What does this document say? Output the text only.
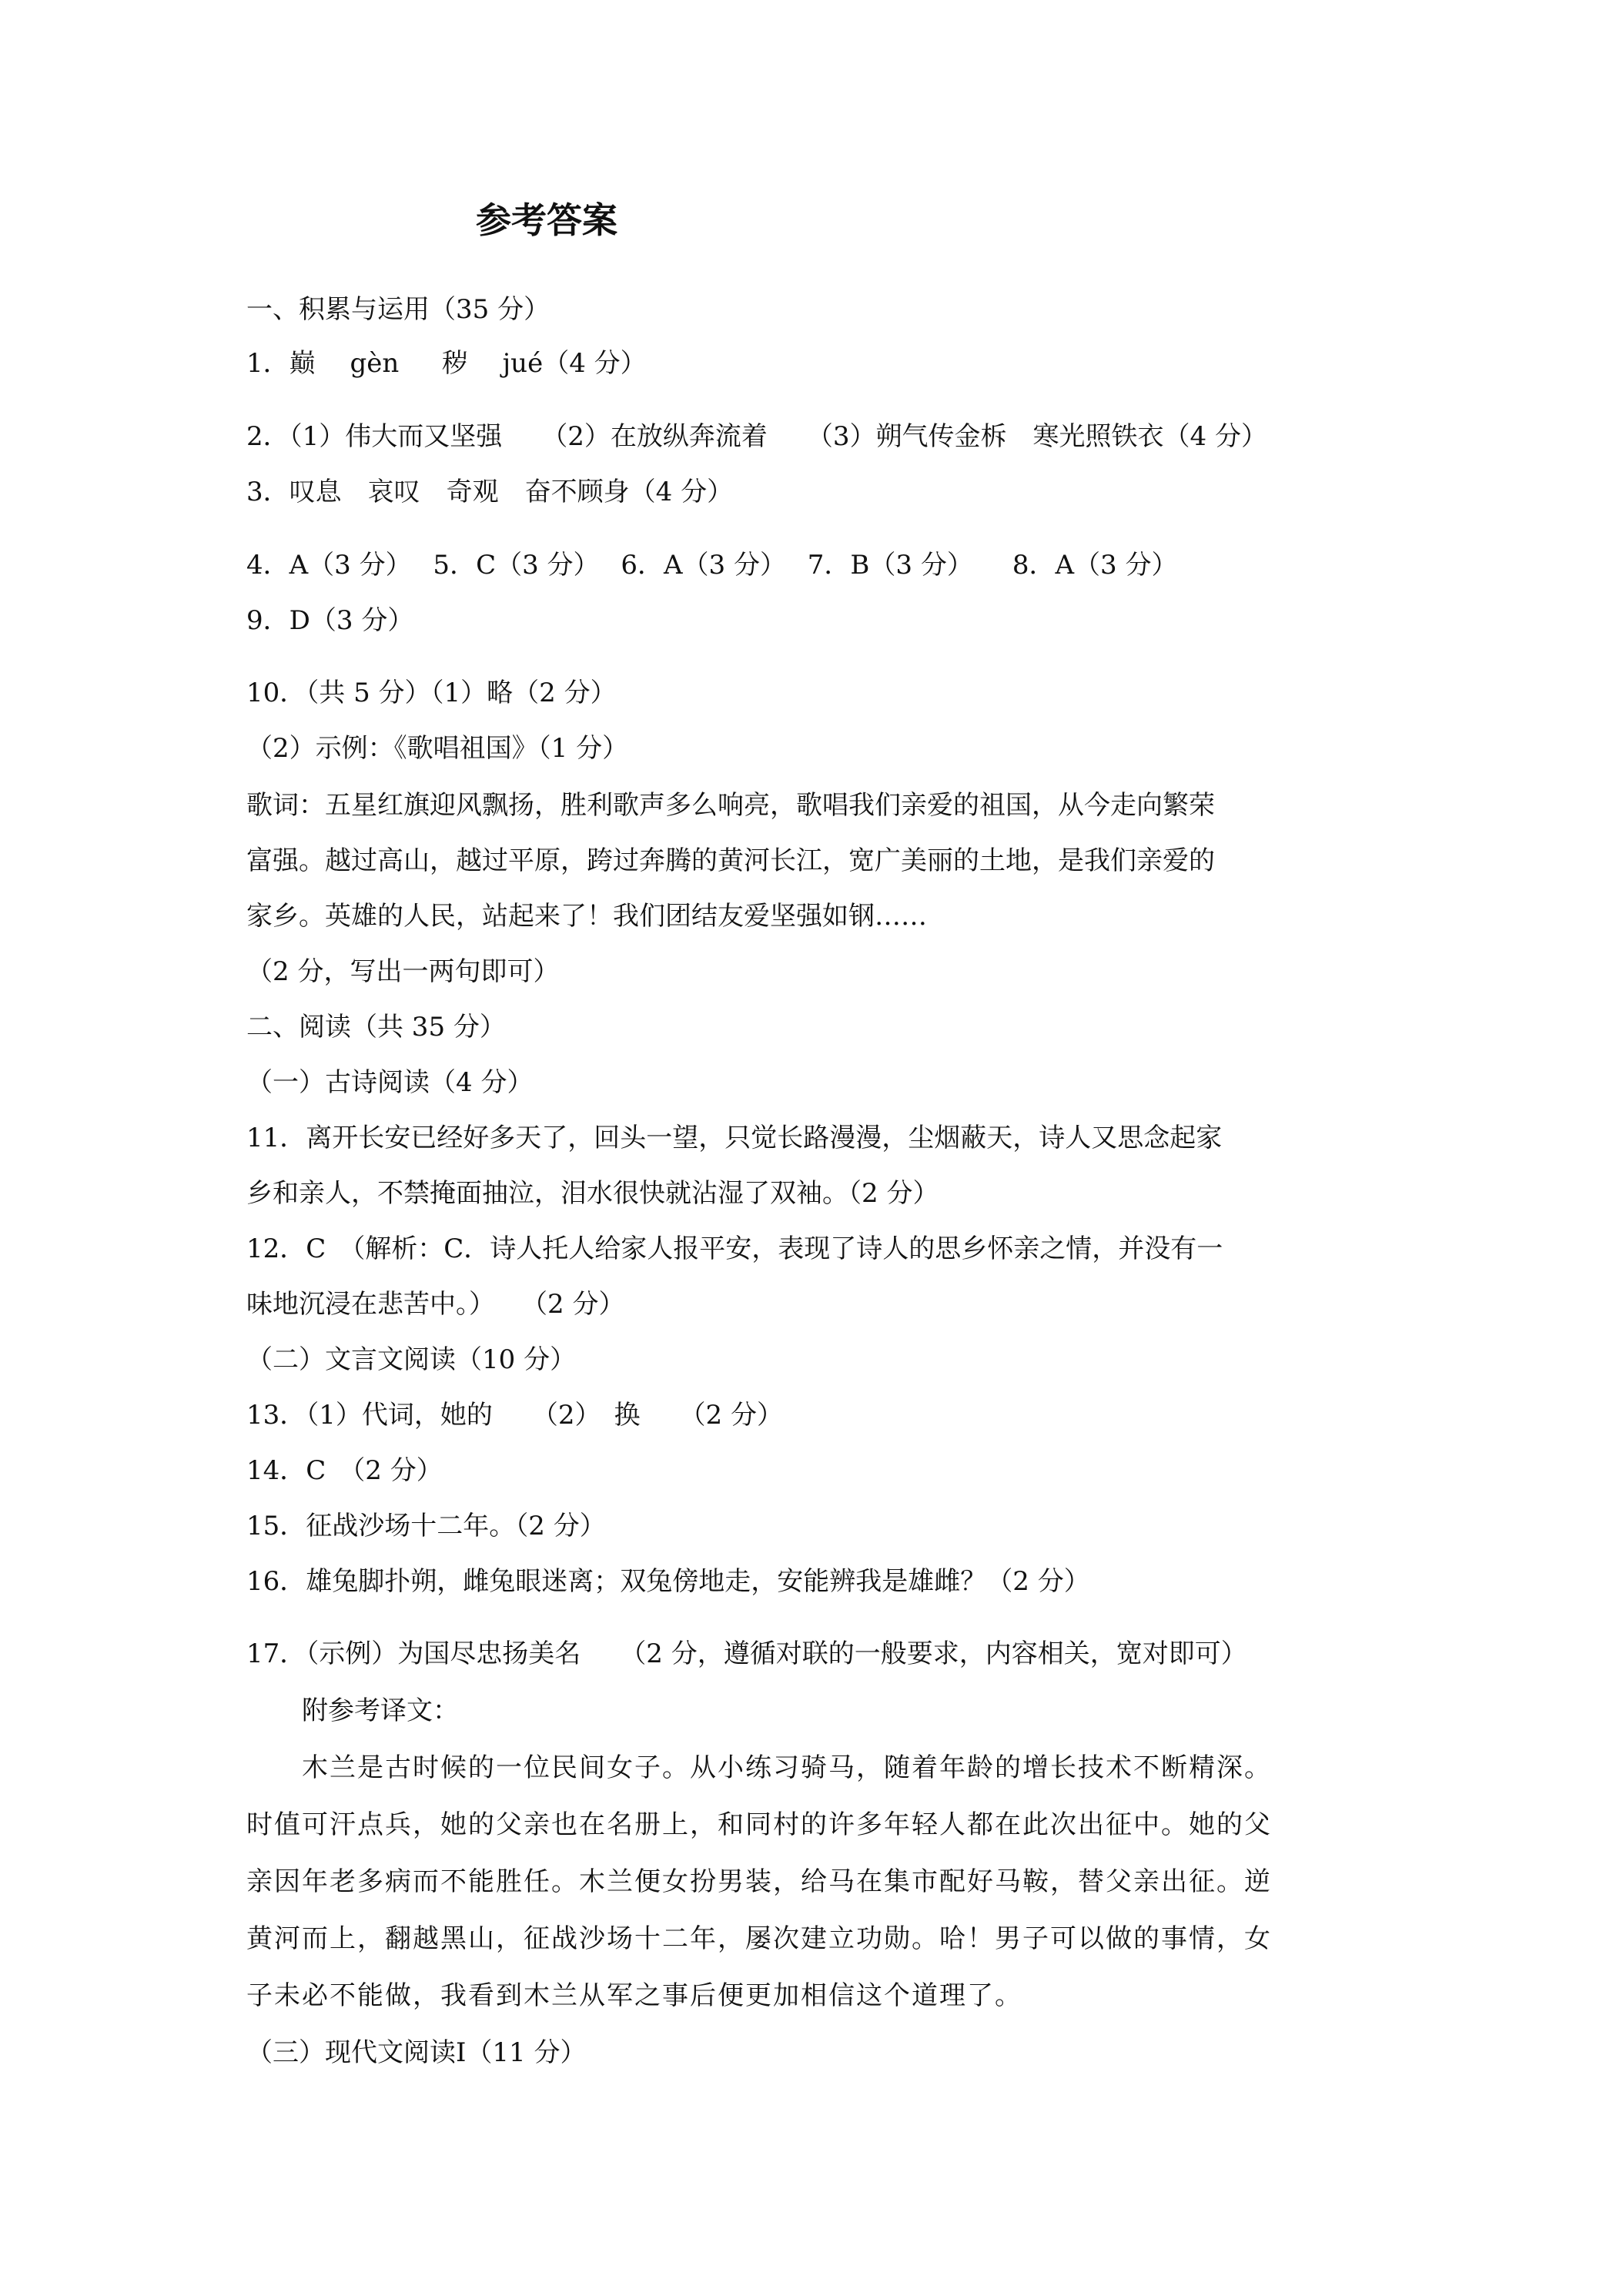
参考答案
一、积累与运用（35 分）
1．巅　 gèn 　 秽　 jué（4 分）
2．（1）伟大而又坚强　　（2）在放纵奔流着　　（3）朔气传金柝　寒光照铁衣（4 分）
3．叹息　哀叹　奇观　奋不顾身（4 分）
4．A（3 分）　 5．C（3 分）　 6．A（3 分）　 7．B（3 分）　　8．A（3 分）
9．D（3 分）
10．（共 5 分）（1）略（2 分）
（2）示例：《歌唱祖国》（1 分）
歌词：五星红旗迎风飘扬，胜利歌声多么响亮，歌唱我们亲爱的祖国，从今走向繁荣
富强。越过高山，越过平原，跨过奔腾的黄河长江，宽广美丽的土地，是我们亲爱的
家乡。英雄的人民，站起来了！我们团结友爱坚强如钢……
（2 分，写出一两句即可）
二、阅读（共 35 分）
（一）古诗阅读（4 分）
11．离开长安已经好多天了，回头一望，只觉长路漫漫，尘烟蔽天，诗人又思念起家
乡和亲人，不禁掩面抽泣，泪水很快就沾湿了双袖。（2 分）
12．C　（解析：C．诗人托人给家人报平安，表现了诗人的思乡怀亲之情，并没有一
味地沉浸在悲苦中。）　　（2 分）
（二）文言文阅读（10 分）
13．（1）代词，她的　　（2）　换　　（2 分）
14．C　（2 分）
15．征战沙场十二年。（2 分）
16．雄兔脚扑朔，雌兔眼迷离；双兔傍地走，安能辨我是雄雌？（2 分）
17．（示例）为国尽忠扬美名　　（2 分，遵循对联的一般要求，内容相关，宽对即可）
附参考译文：
木兰是古时候的一位民间女子。从小练习骑马，随着年龄的增长技术不断精深。
时值可汗点兵，她的父亲也在名册上，和同村的许多年轻人都在此次出征中。她的父
亲因年老多病而不能胜任。木兰便女扮男装，给马在集市配好马鞍，替父亲出征。逆
黄河而上，翻越黑山，征战沙场十二年，屡次建立功勋。哈！男子可以做的事情，女
子未必不能做，我看到木兰从军之事后便更加相信这个道理了。
（三）现代文阅读Ⅰ（11 分）
